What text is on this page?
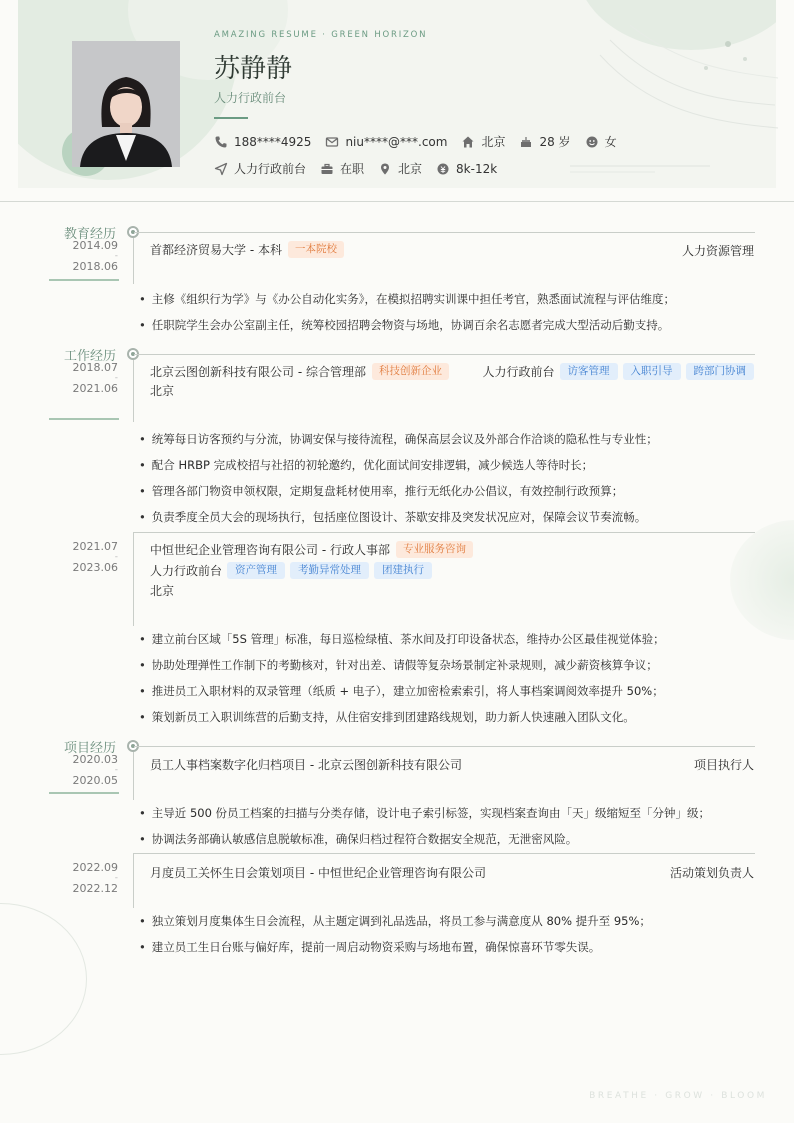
AMAZING RESUME · GREEN HORIZON
苏静静
人力行政前台
188****4925	niu****@***.com	北京	28 岁	女
人力行政前台	在职	北京	8k-12k
教育经历
2014.09
-
2018.06
首都经济贸易大学 - 本科	一本院校	人力资源管理
• 主修《组织行为学》与《办公自动化实务》，在模拟招聘实训课中担任考官，熟悉面试流程与评估维度；
• 任职院学生会办公室副主任，统筹校园招聘会物资与场地，协调百余名志愿者完成大型活动后勤支持。
工作经历
2018.07
-
2021.06
北京云图创新科技有限公司 - 综合管理部	科技创新企业	人力行政前台	访客管理	入职引导	跨部门协调
北京
• 统筹每日访客预约与分流，协调安保与接待流程，确保高层会议及外部合作洽谈的隐私性与专业性；
• 配合 HRBP 完成校招与社招的初轮邀约，优化面试间安排逻辑，减少候选人等待时长；
• 管理各部门物资申领权限，定期复盘耗材使用率，推行无纸化办公倡议，有效控制行政预算；
• 负责季度全员大会的现场执行，包括座位图设计、茶歇安排及突发状况应对，保障会议节奏流畅。
2021.07
-
2023.06
中恒世纪企业管理咨询有限公司 - 行政人事部	专业服务咨询
人力行政前台	资产管理	考勤异常处理	团建执行
北京
• 建立前台区域「5S 管理」标准，每日巡检绿植、茶水间及打印设备状态，维持办公区最佳视觉体验；
• 协助处理弹性工作制下的考勤核对，针对出差、请假等复杂场景制定补录规则，减少薪资核算争议；
• 推进员工入职材料的双录管理（纸质 + 电子），建立加密检索索引，将人事档案调阅效率提升 50%；
• 策划新员工入职训练营的后勤支持，从住宿安排到团建路线规划，助力新人快速融入团队文化。
项目经历
2020.03
-
2020.05
员工人事档案数字化归档项目 - 北京云图创新科技有限公司	项目执行人
• 主导近 500 份员工档案的扫描与分类存储，设计电子索引标签，实现档案查询由「天」级缩短至「分钟」级；
• 协调法务部确认敏感信息脱敏标准，确保归档过程符合数据安全规范，无泄密风险。
2022.09
-
2022.12
月度员工关怀生日会策划项目 - 中恒世纪企业管理咨询有限公司	活动策划负责人
• 独立策划月度集体生日会流程，从主题定调到礼品选品，将员工参与满意度从 80% 提升至 95%；
• 建立员工生日台账与偏好库，提前一周启动物资采购与场地布置，确保惊喜环节零失误。
BREATHE · GROW · BLOOM
